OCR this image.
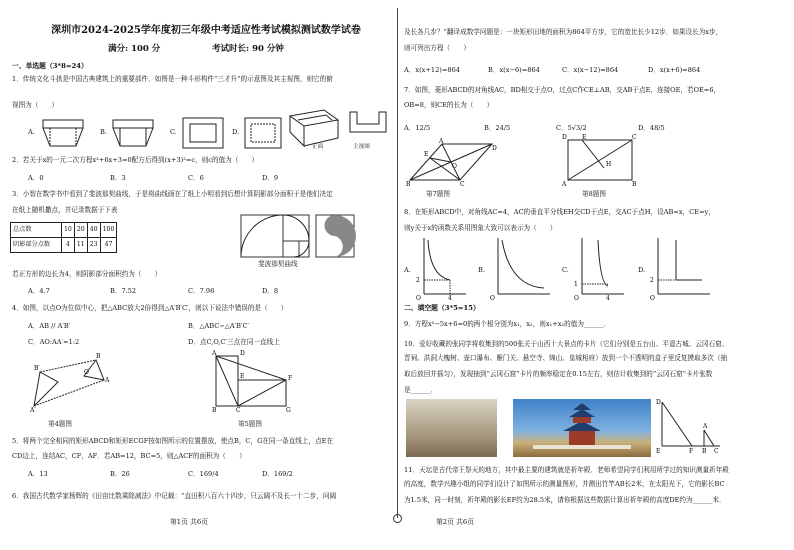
深圳市2024-2025学年度初三年级中考适应性考试模拟测试数学试卷
满分: 100 分	考试时长: 90 分钟
一、单选题（3*8=24）
1．传统文化斗拱是中国古典建筑上的重要部件．如图是一种斗形构件“三才升”的示意图及其主视图，则它的俯
视图为（　　）
A.	B.	C.	D.
正面	主视图
2．若关于x的一元二次方程x²+6x+3=0配方后得到(x+3)²=c，则c的值为（　　）
A．0	B．3	C．6	D．9
3．小智在数学书中看到了斐波那契曲线，于是将曲线画在了纸上小明看到后想计算阴影部分面积于是他们决定
在纸上随机撒点，并记录数据于下表
总点数	10	20	40	100
阴影部分点数	4	11	23	47
斐波那契曲线
若正方形的边长为4，则阴影部分面积约为（　　）
A．4.7	B．7.52	C．7.98	D．8
4．如图，以点O为位似中心，把△ABC放大2倍得到△A′B′C′，则以下说法中错误的是（　　）
A．AB // A′B′	B．△ABC∽△A′B′C′
C．AO:AA′=1:2	D．点C,O,C′三点在同一直线上
B′
A′
O
B
A
第4题图
A	D
E	F
B	C	G
第5题图
5．将两个完全相同的矩形ABCD和矩形ECGF按如图所示的位置摆放，使点B，C，G在同一条直线上，点E在
CD边上，连结AC，CF，AF．若AB=12，BC=5，则△ACF的面积为（　　）
A．13	B．26	C．169/4	D．169/2
6．我国古代数学家杨辉的《田亩比数乘除减法》中记载：“直田积八百六十四步，只云阔不及长一十二步，问阔
及长各几步？”翻译成数学问题是：一块矩形田地的面积为864平方步，它的宽比长少12步．如果设长为x步，
则可列出方程（　　）
A．x(x+12)=864	B．x(x−6)=864	C．x(x−12)=864	D．x(x+6)=864
7．如图，菱形ABCD的对角线AC，BD相交于点O，过点C作CE⊥AB，交AB于点E，连接OE，若OE=6，
OB=8，则CE的长为（　　）
A．12/5	B．24/5	C．5√3/2	D．48/5
B
A
D
C
E
O
第7题图
D	E	C
H
A	B
第8题图
8．在矩形ABCD中，对角线AC=4，AC的垂直平分线EH交CD于点E，交AC于点H，设AB=x，CE=y，
则y关于x的函数关系用图象大致可以表示为（　　）
A.
2
4
O
B.
O
C.
1
4
O
D.
2
O
二、填空题（3*5=15）
9．方程x²−5x+6=0的两个根分别为x₁，x₂，则x₁+x₂的值为______．
10．爱好收藏的张同学将收集到的500张关于山西十大景点的卡片（它们分别是五台山、平遥古城、云冈石窟、
晋祠、洪洞大槐树、壶口瀑布、雁门关、悬空寺、绵山、皇城相府）放到一个不透明的盒子里反复摸取多次（抽
取后放回并摇匀），发现抽到“云冈石窟”卡片的频率稳定在0.15左右，则估计收集到的“云冈石窟”卡片张数
是______．
D
E	F
A
B C
11．天坛是古代帝王祭天的地方，其中最主要的建筑就是祈年殿．老师希望同学们利用所学过的知识测量祈年殿
的高度，数学兴趣小组的同学们设计了如图所示的测量图形，并测出竹竿AB长2米，在太阳光下，它的影长BC
为1.5米，同一时刻，祈年殿的影长EF约为28.5米，请你根据这些数据计算出祈年殿的高度DE约为______米．
第1页 共6页	第2页 共6页
